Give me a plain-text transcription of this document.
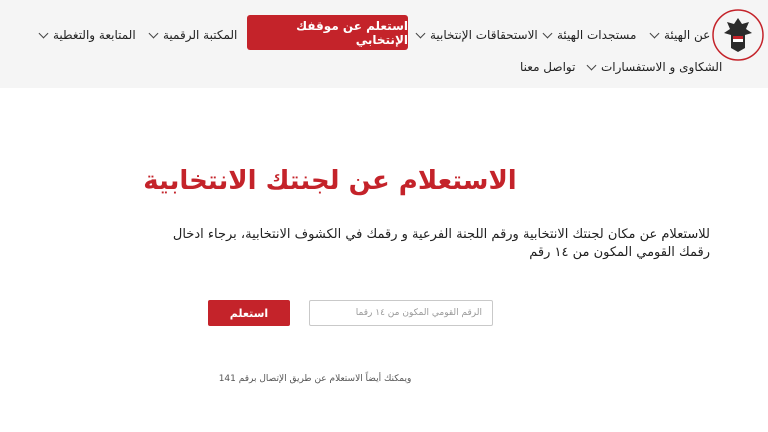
عن الهيئة
مستجدات الهيئة
الاستحقاقات الإنتخابية
استعلم عن موقفك الإنتخابي
المكتبة الرقمية
المتابعة والتغطية
الشكاوى و الاستفسارات
تواصل معنا
الاستعلام عن لجنتك الانتخابية
للاستعلام عن مكان لجنتك الانتخابية ورقم اللجنة الفرعية و رقمك في الكشوف الانتخابية، برجاء ادخال
رقمك القومي المكون من ١٤ رقم
الرقم القومي المكون من ١٤ رقما
استعلم
ويمكنك أيضاً الاستعلام عن طريق الإتصال برقم 141
